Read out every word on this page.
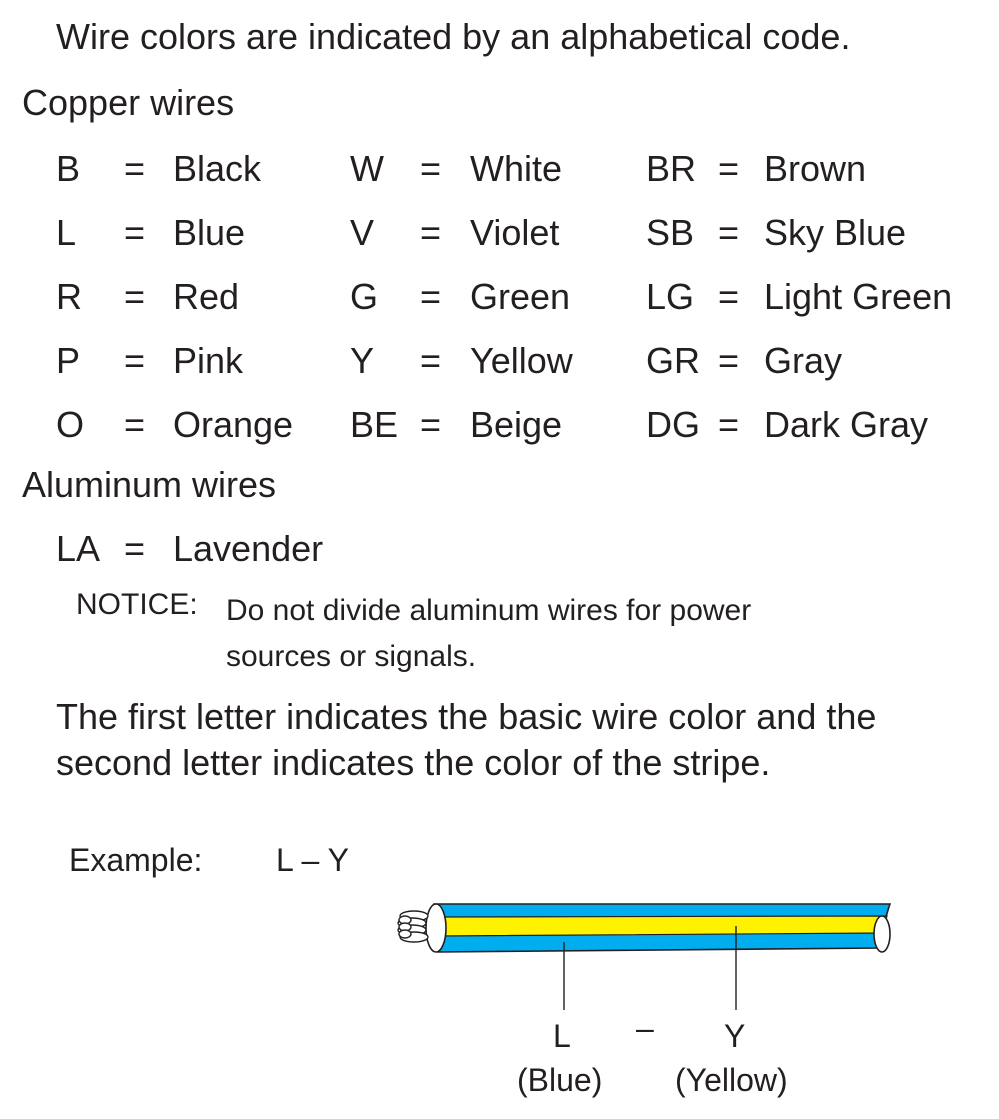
Wire colors are indicated by an alphabetical code.
Copper wires
B = Black W = White BR = Brown
L = Blue	V = Violet SB = Sky Blue
R = Red	G = Green LG = Light Green
P = Pink	Y = Yellow GR = Gray
O = Orange BE = Beige DG = Dark Gray
Aluminum wires
LA = Lavender
NOTICE: Do not divide aluminum wires for power
sources or signals.
The first letter indicates the basic wire color and the
second letter indicates the color of the stripe.
Example: L – Y
L – Y
(Blue) (Yellow)
